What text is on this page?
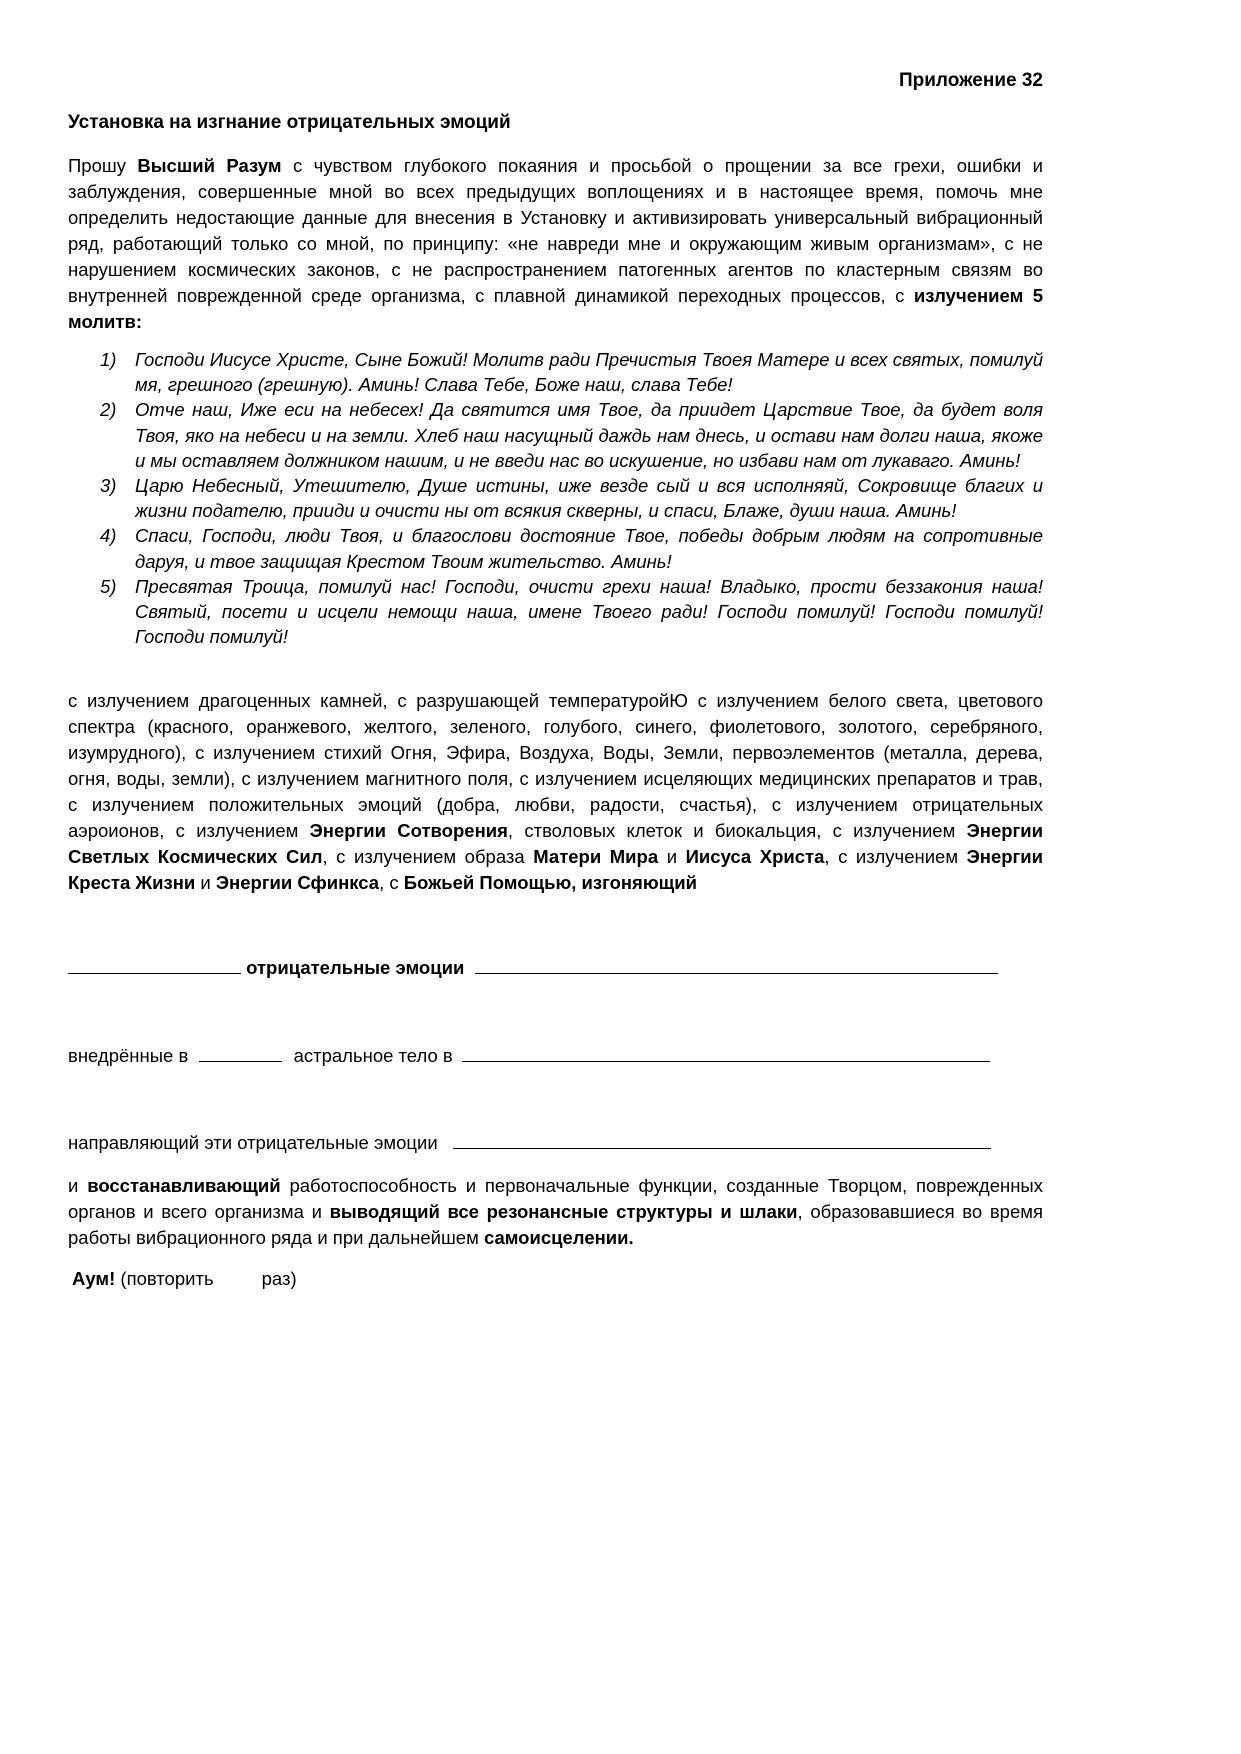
Приложение 32
Установка на изгнание отрицательных эмоций
Прошу Высший Разум с чувством глубокого покаяния и просьбой о прощении за все грехи, ошибки и заблуждения, совершенные мной во всех предыдущих воплощениях и в настоящее время, помочь мне определить недостающие данные для внесения в Установку и активизировать универсальный вибрационный ряд, работающий только со мной, по принципу: «не навреди мне и окружающим живым организмам», с не нарушением космических законов, с не распространением патогенных агентов по кластерным связям во внутренней поврежденной среде организма, с плавной динамикой переходных процессов, с излучением 5 молитв:
1) Господи Иисусе Христе, Сыне Божий! Молитв ради Пречистыя Твоея Матере и всех святых, помилуй мя, грешного (грешную). Аминь! Слава Тебе, Боже наш, слава Тебе!
2) Отче наш, Иже еси на небесех! Да святится имя Твое, да приидет Царствие Твое, да будет воля Твоя, яко на небеси и на земли. Хлеб наш насущный даждь нам днесь, и остави нам долги наша, якоже и мы оставляем должником нашим, и не введи нас во искушение, но избави нам от лукаваго. Аминь!
3) Царю Небесный, Утешителю, Душе истины, иже везде сый и вся исполняяй, Сокровище благих и жизни подателю, прииди и очисти ны от всякия скверны, и спаси, Блаже, души наша. Аминь!
4) Спаси, Господи, люди Твоя, и благослови достояние Твое, победы добрым людям на сопротивные даруя, и твое защищая Крестом Твоим жительство. Аминь!
5) Пресвятая Троица, помилуй нас! Господи, очисти грехи наша! Владыко, прости беззакония наша! Святый, посети и исцели немощи наша, имене Твоего ради! Господи помилуй! Господи помилуй! Господи помилуй!
с излучением драгоценных камней, с разрушающей температуройЮ с излучением белого света, цветового спектра (красного, оранжевого, желтого, зеленого, голубого, синего, фиолетового, золотого, серебряного, изумрудного), с излучением стихий Огня, Эфира, Воздуха, Воды, Земли, первоэлементов (металла, дерева, огня, воды, земли), с излучением магнитного поля, с излучением исцеляющих медицинских препаратов и трав, с излучением положительных эмоций (добра, любви, радости, счастья), с излучением отрицательных аэроионов, с излучением Энергии Сотворения, стволовых клеток и биокальция, с излучением Энергии Светлых Космических Сил, с излучением образа Матери Мира и Иисуса Христа, с излучением Энергии Креста Жизни и Энергии Сфинкса, с Божьей Помощью, изгоняющий
отрицательные эмоции
внедрённые в	астральное тело в
направляющий эти отрицательные эмоции
и восстанавливающий работоспособность и первоначальные функции, созданные Творцом, поврежденных органов и всего организма и выводящий все резонансные структуры и шлаки, образовавшиеся во время работы вибрационного ряда и при дальнейшем самоисцелении.
Аум! (повторить	раз)
